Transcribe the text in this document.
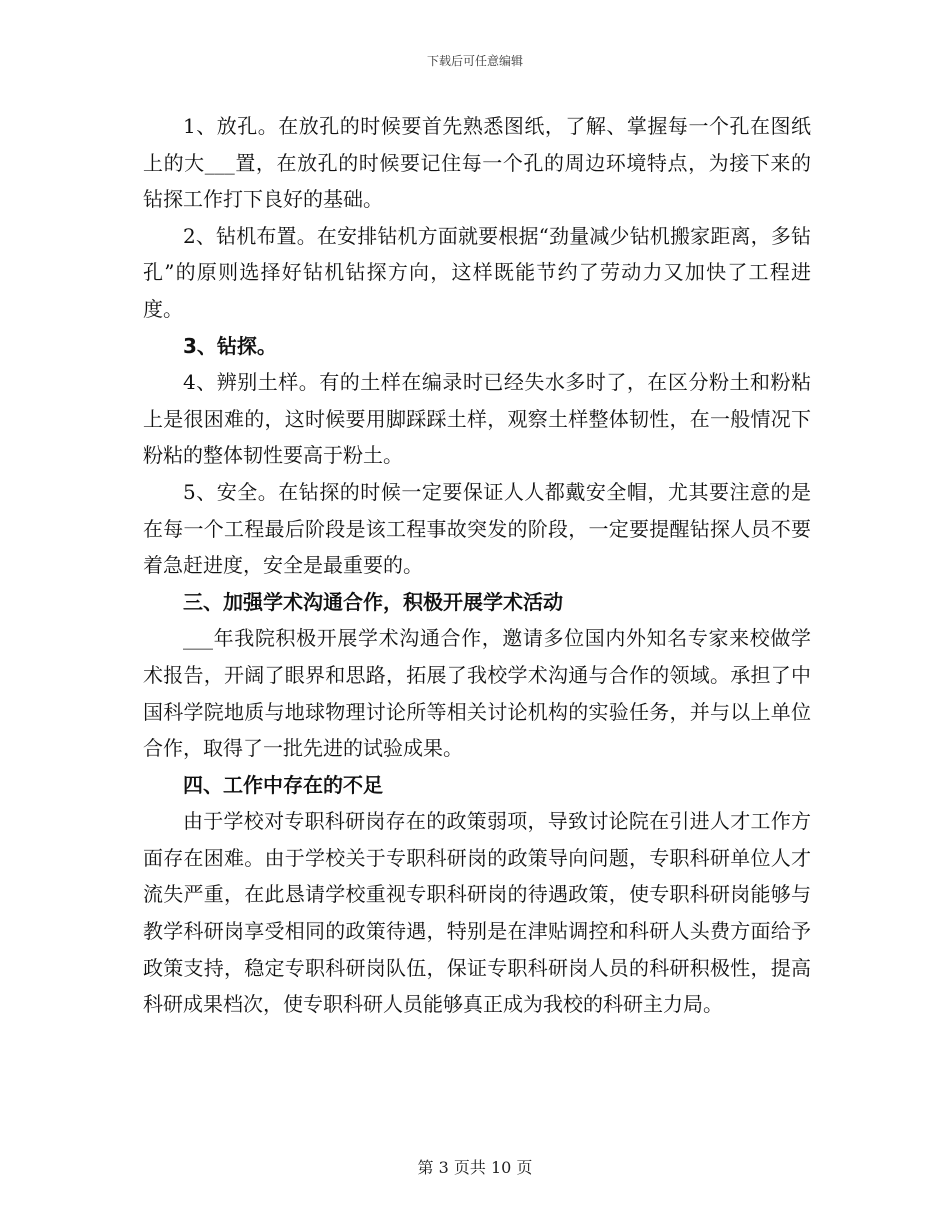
下载后可任意编辑

1、放孔。在放孔的时候要首先熟悉图纸，了解、掌握每一个孔在图纸上的大___置，在放孔的时候要记住每一个孔的周边环境特点，为接下来的钻探工作打下良好的基础。

2、钻机布置。在安排钻机方面就要根据“劲量减少钻机搬家距离，多钻孔”的原则选择好钻机钻探方向，这样既能节约了劳动力又加快了工程进度。

3、钻探。

4、辨别土样。有的土样在编录时已经失水多时了，在区分粉土和粉粘上是很困难的，这时候要用脚踩踩土样，观察土样整体韧性，在一般情况下粉粘的整体韧性要高于粉土。

5、安全。在钻探的时候一定要保证人人都戴安全帽，尤其要注意的是在每一个工程最后阶段是该工程事故突发的阶段，一定要提醒钻探人员不要着急赶进度，安全是最重要的。

三、加强学术沟通合作，积极开展学术活动

___年我院积极开展学术沟通合作，邀请多位国内外知名专家来校做学术报告，开阔了眼界和思路，拓展了我校学术沟通与合作的领域。承担了中国科学院地质与地球物理讨论所等相关讨论机构的实验任务，并与以上单位合作，取得了一批先进的试验成果。

四、工作中存在的不足

由于学校对专职科研岗存在的政策弱项，导致讨论院在引进人才工作方面存在困难。由于学校关于专职科研岗的政策导向问题，专职科研单位人才流失严重，在此恳请学校重视专职科研岗的待遇政策，使专职科研岗能够与教学科研岗享受相同的政策待遇，特别是在津贴调控和科研人头费方面给予政策支持，稳定专职科研岗队伍，保证专职科研岗人员的科研积极性，提高科研成果档次，使专职科研人员能够真正成为我校的科研主力局。

第 3 页共 10 页
